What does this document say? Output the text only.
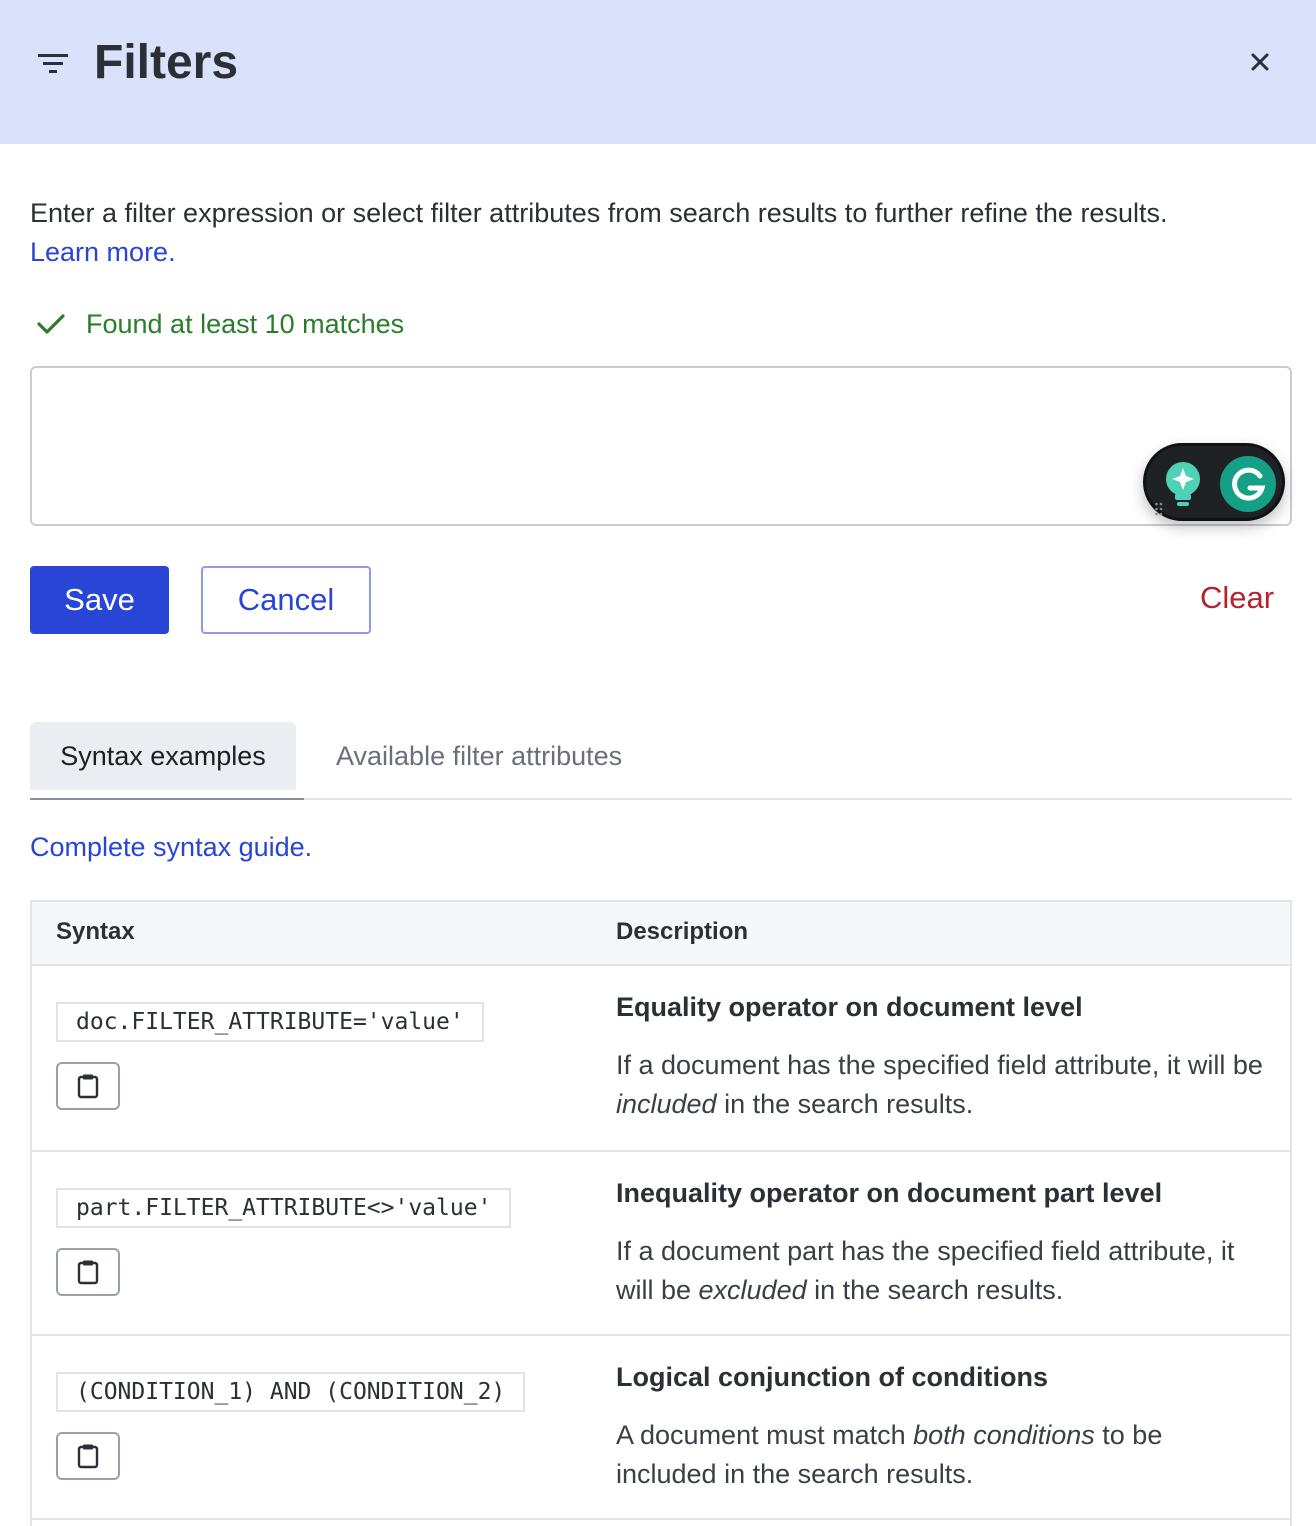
Filters

Enter a filter expression or select filter attributes from search results to further refine the results.
Learn more.

Found at least 10 matches
Save	Cancel	Clear
Syntax examples	Available filter attributes
Complete syntax guide.
Syntax	Description
doc.FILTER_ATTRIBUTE='value'	Equality operator on document level
If a document has the specified field attribute, it will be included in the search results.
part.FILTER_ATTRIBUTE<>'value'	Inequality operator on document part level
If a document part has the specified field attribute, it will be excluded in the search results.
(CONDITION_1) AND (CONDITION_2)	Logical conjunction of conditions
A document must match both conditions to be included in the search results.
